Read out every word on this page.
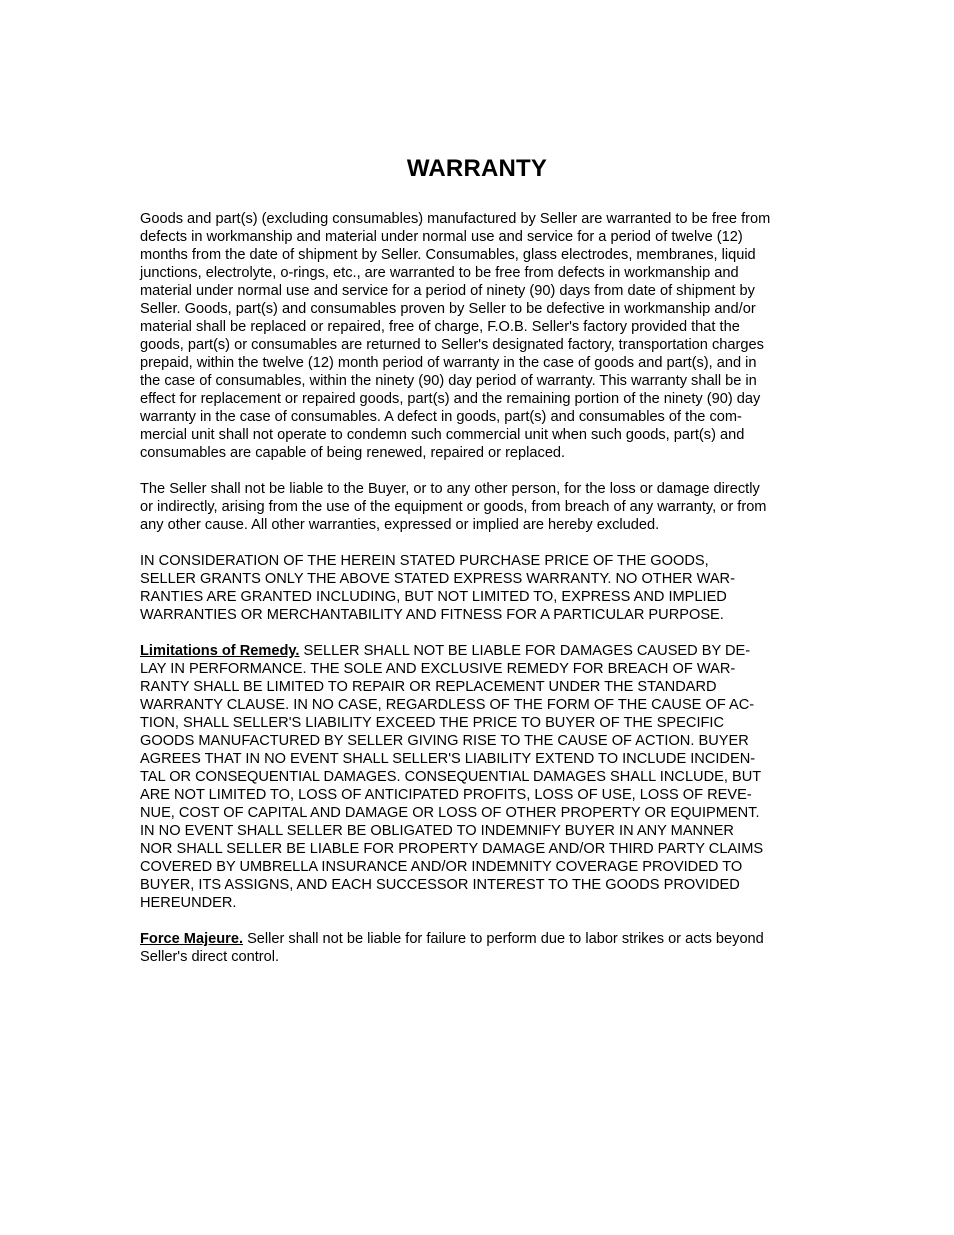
WARRANTY

Goods and part(s) (excluding consumables) manufactured by Seller are warranted to be free from
defects in workmanship and material under normal use and service for a period of twelve (12)
months from the date of shipment by Seller. Consumables, glass electrodes, membranes, liquid
junctions, electrolyte, o-rings, etc., are warranted to be free from defects in workmanship and
material under normal use and service for a period of ninety (90) days from date of shipment by
Seller. Goods, part(s) and consumables proven by Seller to be defective in workmanship and/or
material shall be replaced or repaired, free of charge, F.O.B. Seller's factory provided that the
goods, part(s) or consumables are returned to Seller's designated factory, transportation charges
prepaid, within the twelve (12) month period of warranty in the case of goods and part(s), and in
the case of consumables, within the ninety (90) day period of warranty. This warranty shall be in
effect for replacement or repaired goods, part(s) and the remaining portion of the ninety (90) day
warranty in the case of consumables. A defect in goods, part(s) and consumables of the com-
mercial unit shall not operate to condemn such commercial unit when such goods, part(s) and
consumables are capable of being renewed, repaired or replaced.

The Seller shall not be liable to the Buyer, or to any other person, for the loss or damage directly
or indirectly, arising from the use of the equipment or goods, from breach of any warranty, or from
any other cause. All other warranties, expressed or implied are hereby excluded.

IN CONSIDERATION OF THE HEREIN STATED PURCHASE PRICE OF THE GOODS,
SELLER GRANTS ONLY THE ABOVE STATED EXPRESS WARRANTY. NO OTHER WAR-
RANTIES ARE GRANTED INCLUDING, BUT NOT LIMITED TO, EXPRESS AND IMPLIED
WARRANTIES OR MERCHANTABILITY AND FITNESS FOR A PARTICULAR PURPOSE.

Limitations of Remedy. SELLER SHALL NOT BE LIABLE FOR DAMAGES CAUSED BY DE-
LAY IN PERFORMANCE. THE SOLE AND EXCLUSIVE REMEDY FOR BREACH OF WAR-
RANTY SHALL BE LIMITED TO REPAIR OR REPLACEMENT UNDER THE STANDARD
WARRANTY CLAUSE. IN NO CASE, REGARDLESS OF THE FORM OF THE CAUSE OF AC-
TION, SHALL SELLER'S LIABILITY EXCEED THE PRICE TO BUYER OF THE SPECIFIC
GOODS MANUFACTURED BY SELLER GIVING RISE TO THE CAUSE OF ACTION. BUYER
AGREES THAT IN NO EVENT SHALL SELLER'S LIABILITY EXTEND TO INCLUDE INCIDEN-
TAL OR CONSEQUENTIAL DAMAGES. CONSEQUENTIAL DAMAGES SHALL INCLUDE, BUT
ARE NOT LIMITED TO, LOSS OF ANTICIPATED PROFITS, LOSS OF USE, LOSS OF REVE-
NUE, COST OF CAPITAL AND DAMAGE OR LOSS OF OTHER PROPERTY OR EQUIPMENT.
IN NO EVENT SHALL SELLER BE OBLIGATED TO INDEMNIFY BUYER IN ANY MANNER
NOR SHALL SELLER BE LIABLE FOR PROPERTY DAMAGE AND/OR THIRD PARTY CLAIMS
COVERED BY UMBRELLA INSURANCE AND/OR INDEMNITY COVERAGE PROVIDED TO
BUYER, ITS ASSIGNS, AND EACH SUCCESSOR INTEREST TO THE GOODS PROVIDED
HEREUNDER.

Force Majeure. Seller shall not be liable for failure to perform due to labor strikes or acts beyond
Seller's direct control.
